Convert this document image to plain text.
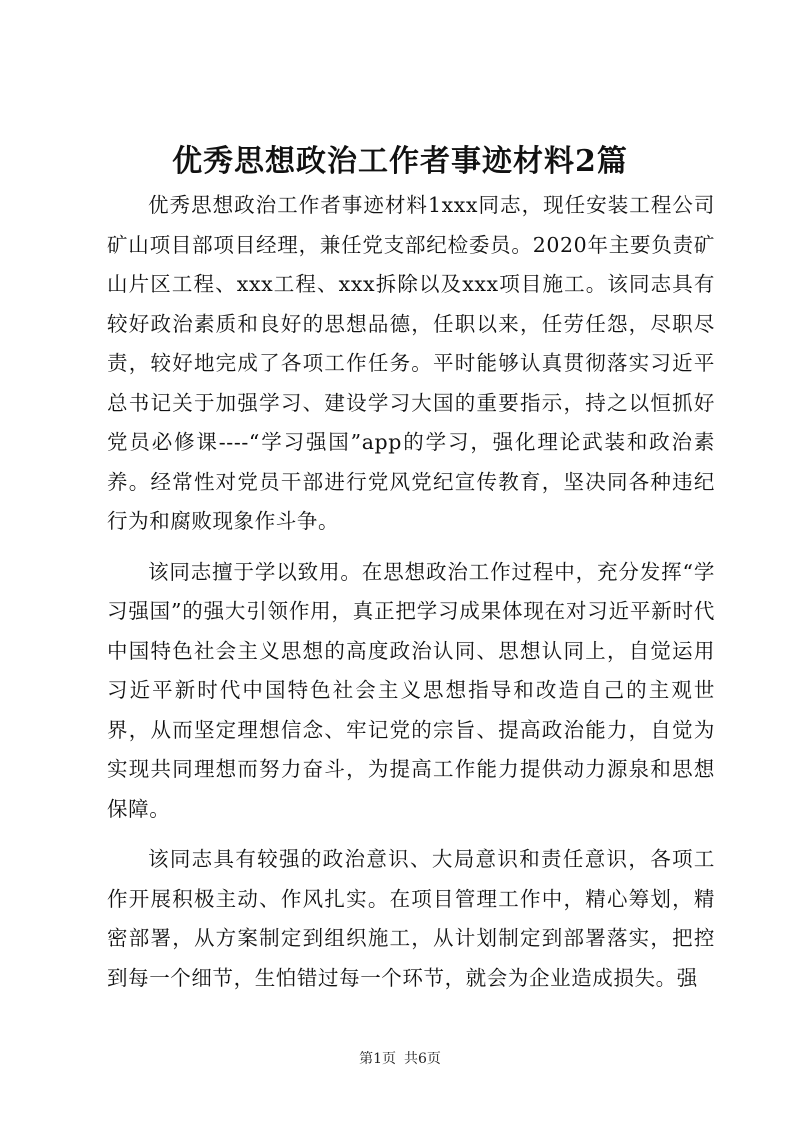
优秀思想政治工作者事迹材料2篇

优秀思想政治工作者事迹材料1xxx同志，现任安装工程公司矿山项目部项目经理，兼任党支部纪检委员。2020年主要负责矿山片区工程、xxx工程、xxx拆除以及xxx项目施工。该同志具有较好政治素质和良好的思想品德，任职以来，任劳任怨，尽职尽责，较好地完成了各项工作任务。平时能够认真贯彻落实习近平总书记关于加强学习、建设学习大国的重要指示，持之以恒抓好党员必修课----“学习强国”app的学习，强化理论武装和政治素养。经常性对党员干部进行党风党纪宣传教育，坚决同各种违纪行为和腐败现象作斗争。

该同志擅于学以致用。在思想政治工作过程中，充分发挥“学习强国”的强大引领作用，真正把学习成果体现在对习近平新时代中国特色社会主义思想的高度政治认同、思想认同上，自觉运用习近平新时代中国特色社会主义思想指导和改造自己的主观世界，从而坚定理想信念、牢记党的宗旨、提高政治能力，自觉为实现共同理想而努力奋斗，为提高工作能力提供动力源泉和思想保障。

该同志具有较强的政治意识、大局意识和责任意识，各项工作开展积极主动、作风扎实。在项目管理工作中，精心筹划，精密部署，从方案制定到组织施工，从计划制定到部署落实，把控到每一个细节，生怕错过每一个环节，就会为企业造成损失。强

第1页 共6页
